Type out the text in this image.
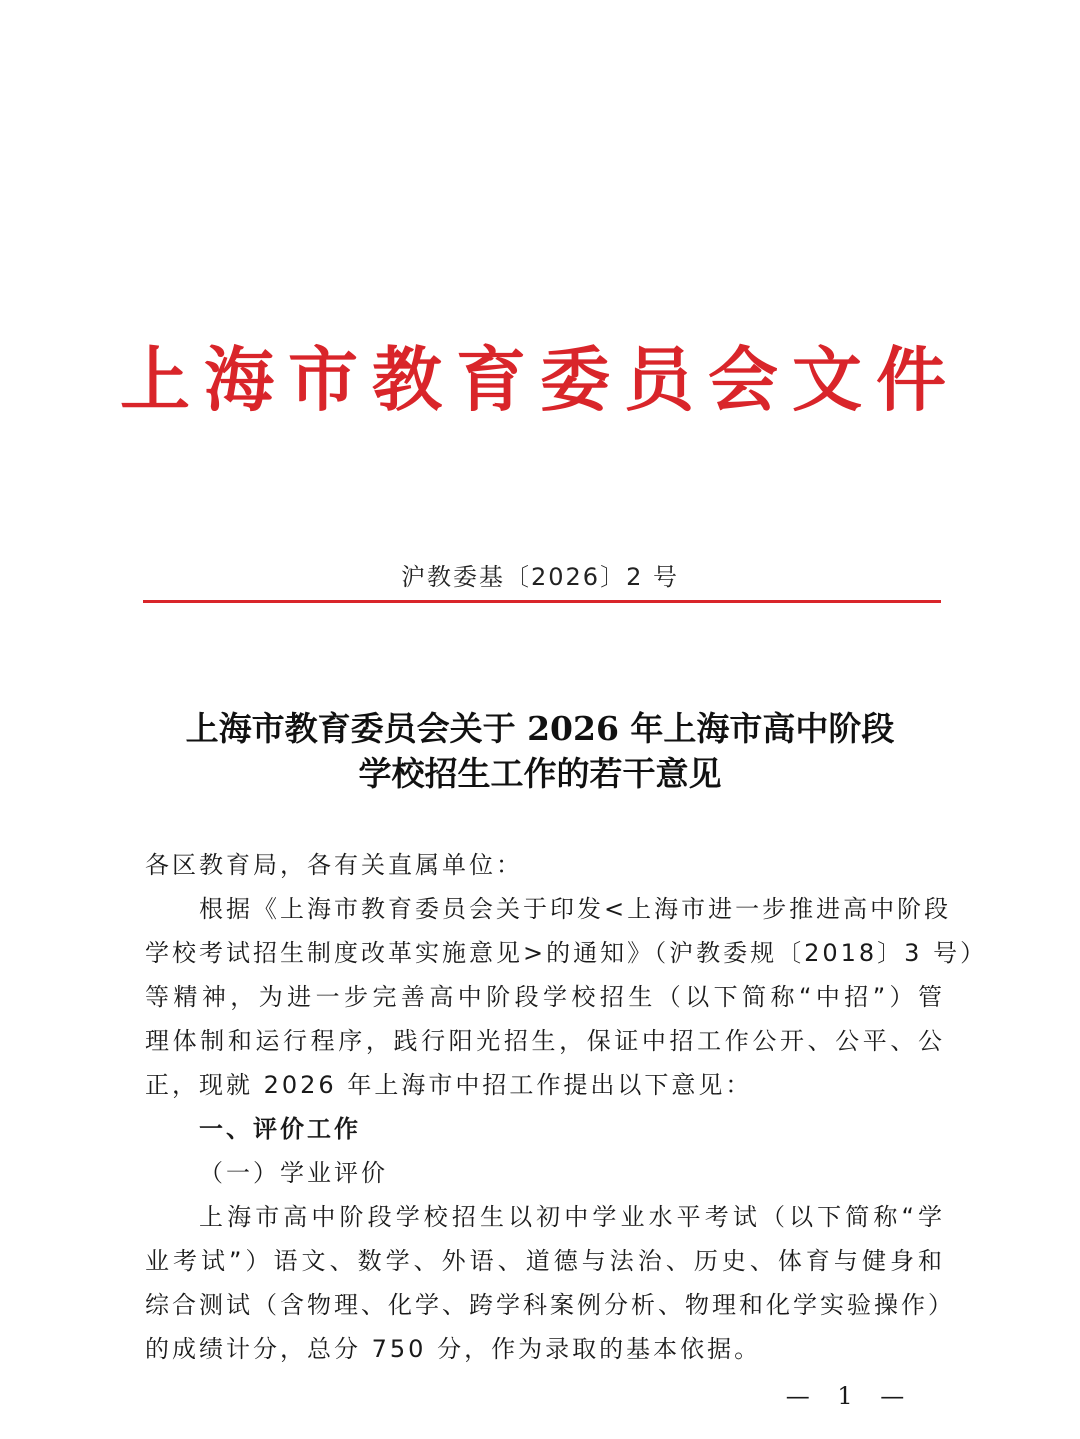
上海市教育委员会文件
沪教委基〔2026〕2 号
上海市教育委员会关于 2026 年上海市高中阶段
学校招生工作的若干意见
各区教育局，各有关直属单位：
根据《上海市教育委员会关于印发<上海市进一步推进高中阶段
学校考试招生制度改革实施意见>的通知》（沪教委规〔2018〕3 号）
等精神，为进一步完善高中阶段学校招生（以下简称“中招”）管
理体制和运行程序，践行阳光招生，保证中招工作公开、公平、公
正，现就 2026 年上海市中招工作提出以下意见：
一、评价工作
（一）学业评价
上海市高中阶段学校招生以初中学业水平考试（以下简称“学
业考试”）语文、数学、外语、道德与法治、历史、体育与健身和
综合测试（含物理、化学、跨学科案例分析、物理和化学实验操作）
的成绩计分，总分 750 分，作为录取的基本依据。
— 1 —
